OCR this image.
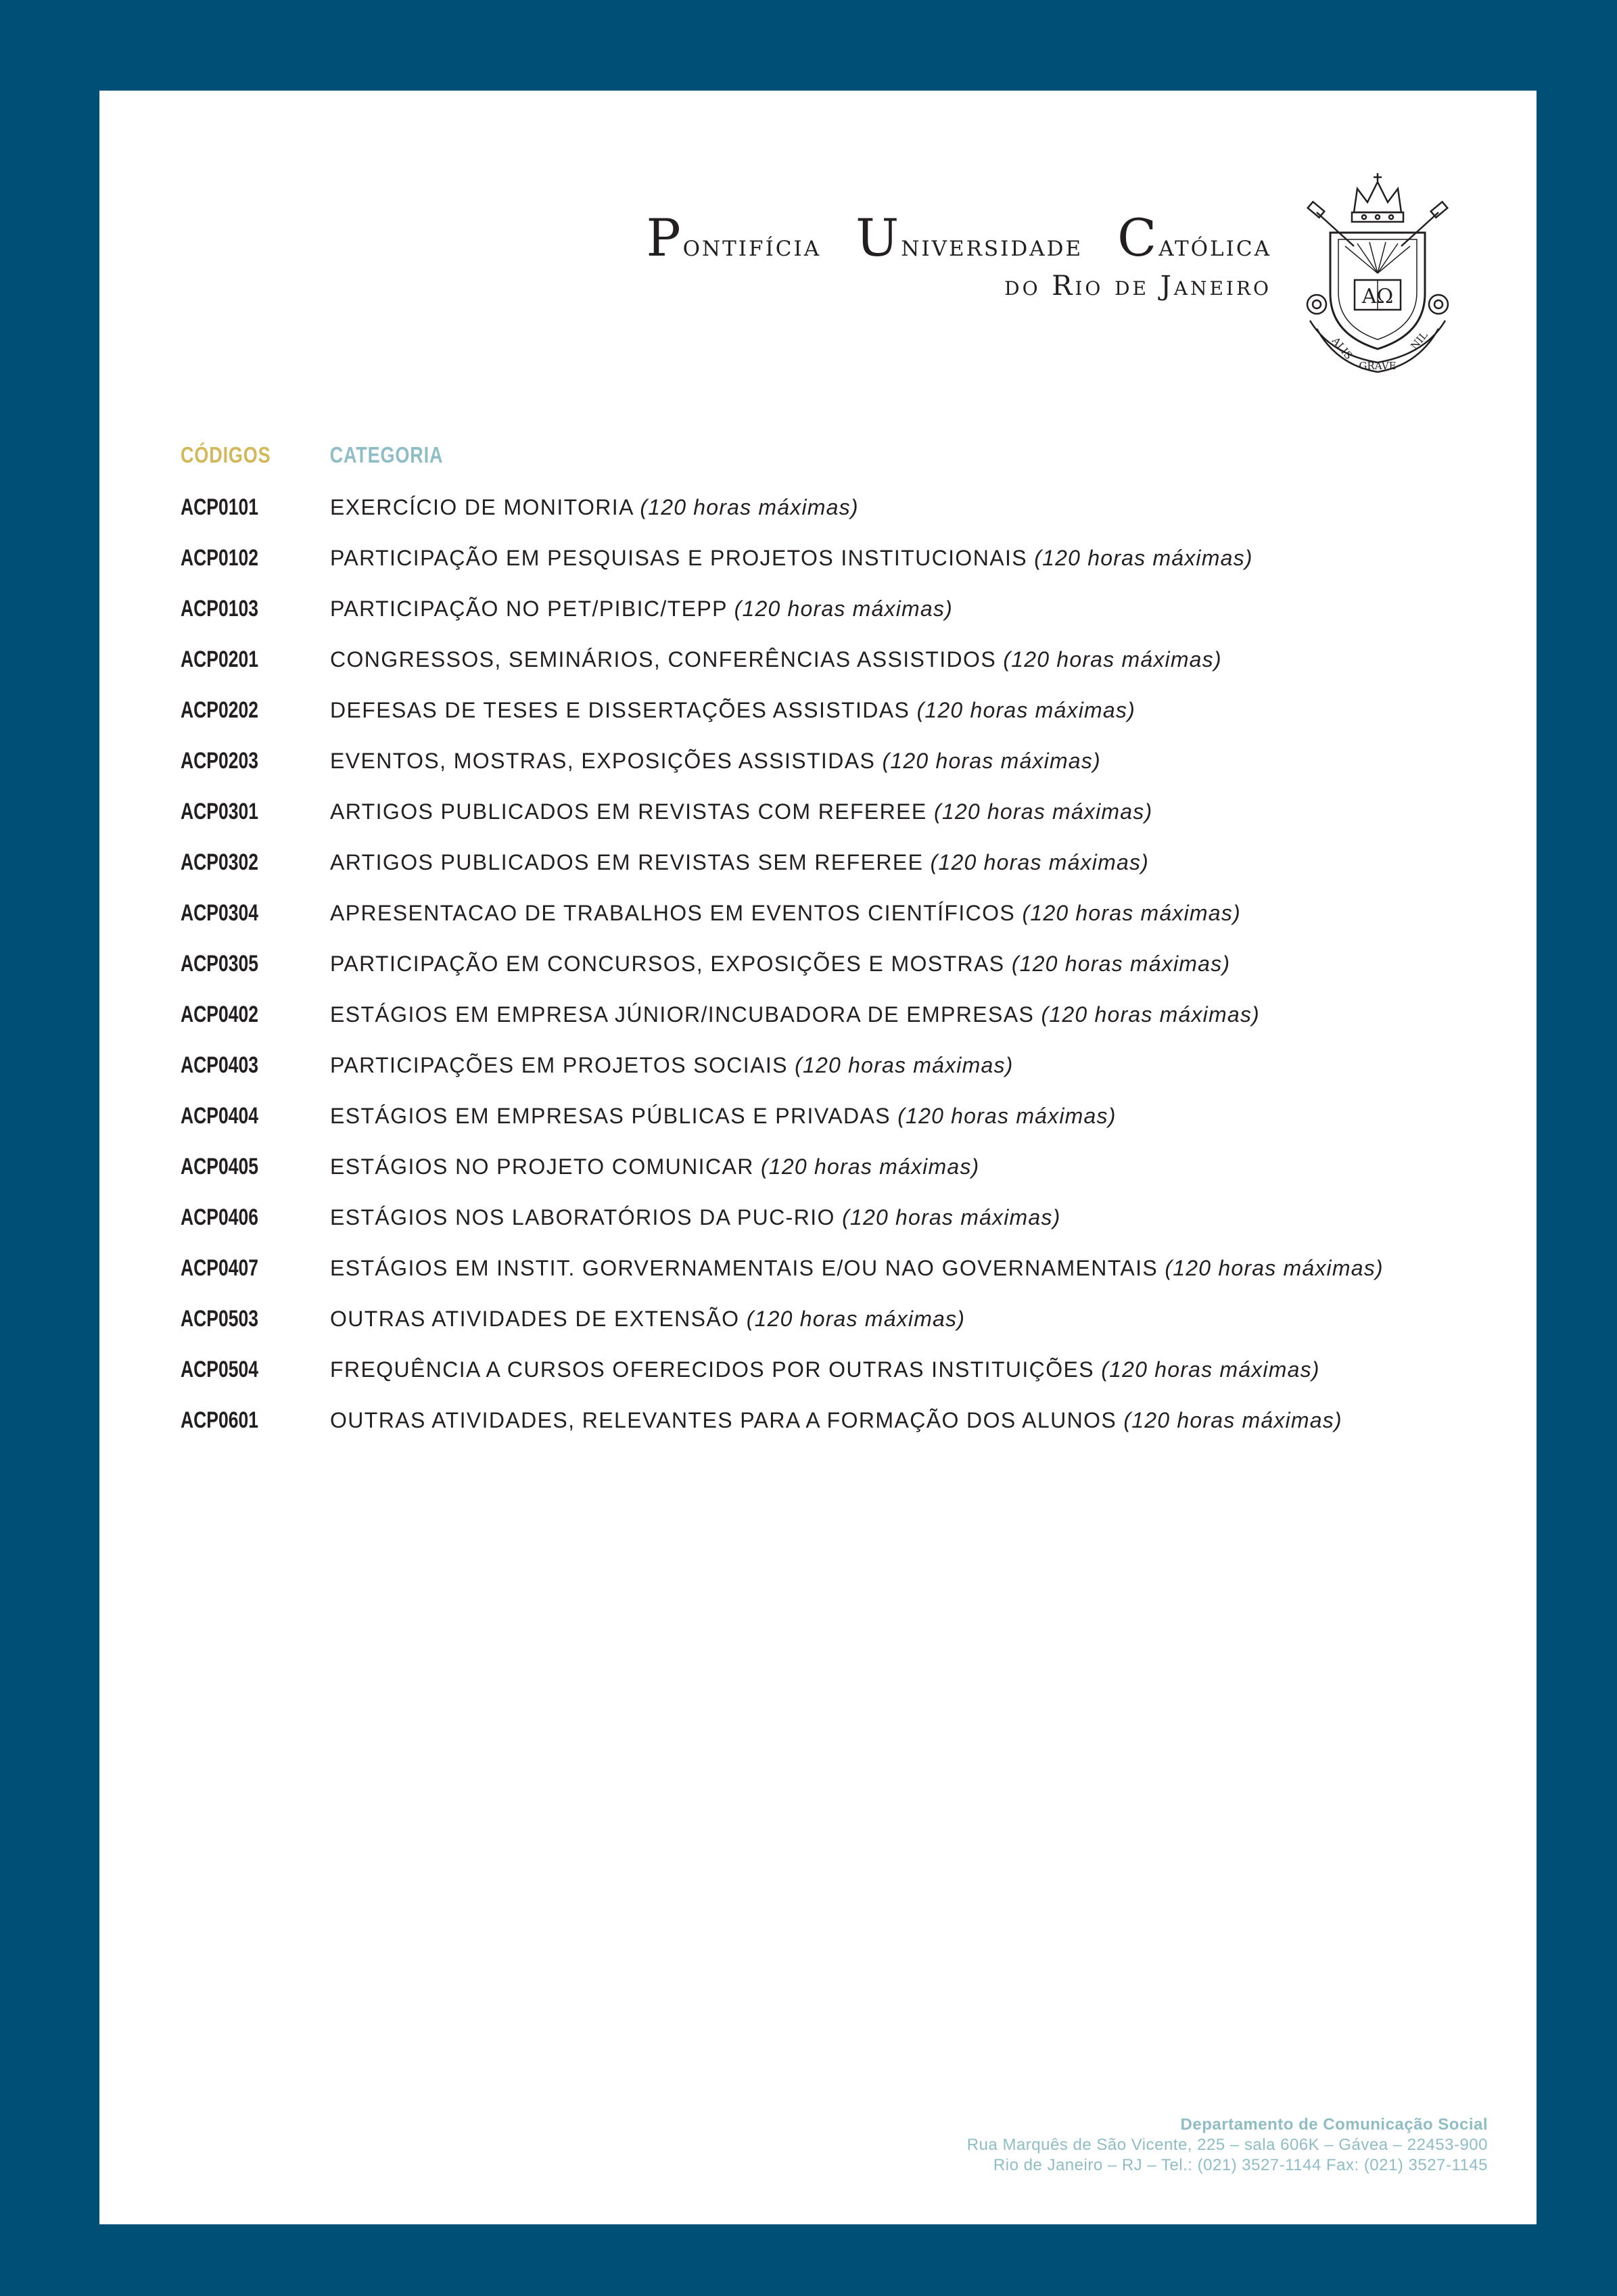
Pontifícia Universidade Católica
do Rio de Janeiro	ΑΩ
ALIS
GRAVE
NIL
CÓDIGOS	CATEGORIA
ACP0101	EXERCÍCIO DE MONITORIA (120 horas máximas)
ACP0102	PARTICIPAÇÃO EM PESQUISAS E PROJETOS INSTITUCIONAIS (120 horas máximas)
ACP0103	PARTICIPAÇÃO NO PET/PIBIC/TEPP (120 horas máximas)
ACP0201	CONGRESSOS, SEMINÁRIOS, CONFERÊNCIAS ASSISTIDOS (120 horas máximas)
ACP0202	DEFESAS DE TESES E DISSERTAÇÕES ASSISTIDAS (120 horas máximas)
ACP0203	EVENTOS, MOSTRAS, EXPOSIÇÕES ASSISTIDAS (120 horas máximas)
ACP0301	ARTIGOS PUBLICADOS EM REVISTAS COM REFEREE (120 horas máximas)
ACP0302	ARTIGOS PUBLICADOS EM REVISTAS SEM REFEREE (120 horas máximas)
ACP0304	APRESENTACAO DE TRABALHOS EM EVENTOS CIENTÍFICOS (120 horas máximas)
ACP0305	PARTICIPAÇÃO EM CONCURSOS, EXPOSIÇÕES E MOSTRAS (120 horas máximas)
ACP0402	ESTÁGIOS EM EMPRESA JÚNIOR/INCUBADORA DE EMPRESAS (120 horas máximas)
ACP0403	PARTICIPAÇÕES EM PROJETOS SOCIAIS (120 horas máximas)
ACP0404	ESTÁGIOS EM EMPRESAS PÚBLICAS E PRIVADAS (120 horas máximas)
ACP0405	ESTÁGIOS NO PROJETO COMUNICAR (120 horas máximas)
ACP0406	ESTÁGIOS NOS LABORATÓRIOS DA PUC-RIO (120 horas máximas)
ACP0407	ESTÁGIOS EM INSTIT. GORVERNAMENTAIS E/OU NAO GOVERNAMENTAIS (120 horas máximas)
ACP0503	OUTRAS ATIVIDADES DE EXTENSÃO (120 horas máximas)
ACP0504	FREQUÊNCIA A CURSOS OFERECIDOS POR OUTRAS INSTITUIÇÕES (120 horas máximas)
ACP0601	OUTRAS ATIVIDADES, RELEVANTES PARA A FORMAÇÃO DOS ALUNOS (120 horas máximas)
Departamento de Comunicação Social
Rua Marquês de São Vicente, 225 – sala 606K – Gávea – 22453-900
Rio de Janeiro – RJ – Tel.: (021) 3527-1144 Fax: (021) 3527-1145
